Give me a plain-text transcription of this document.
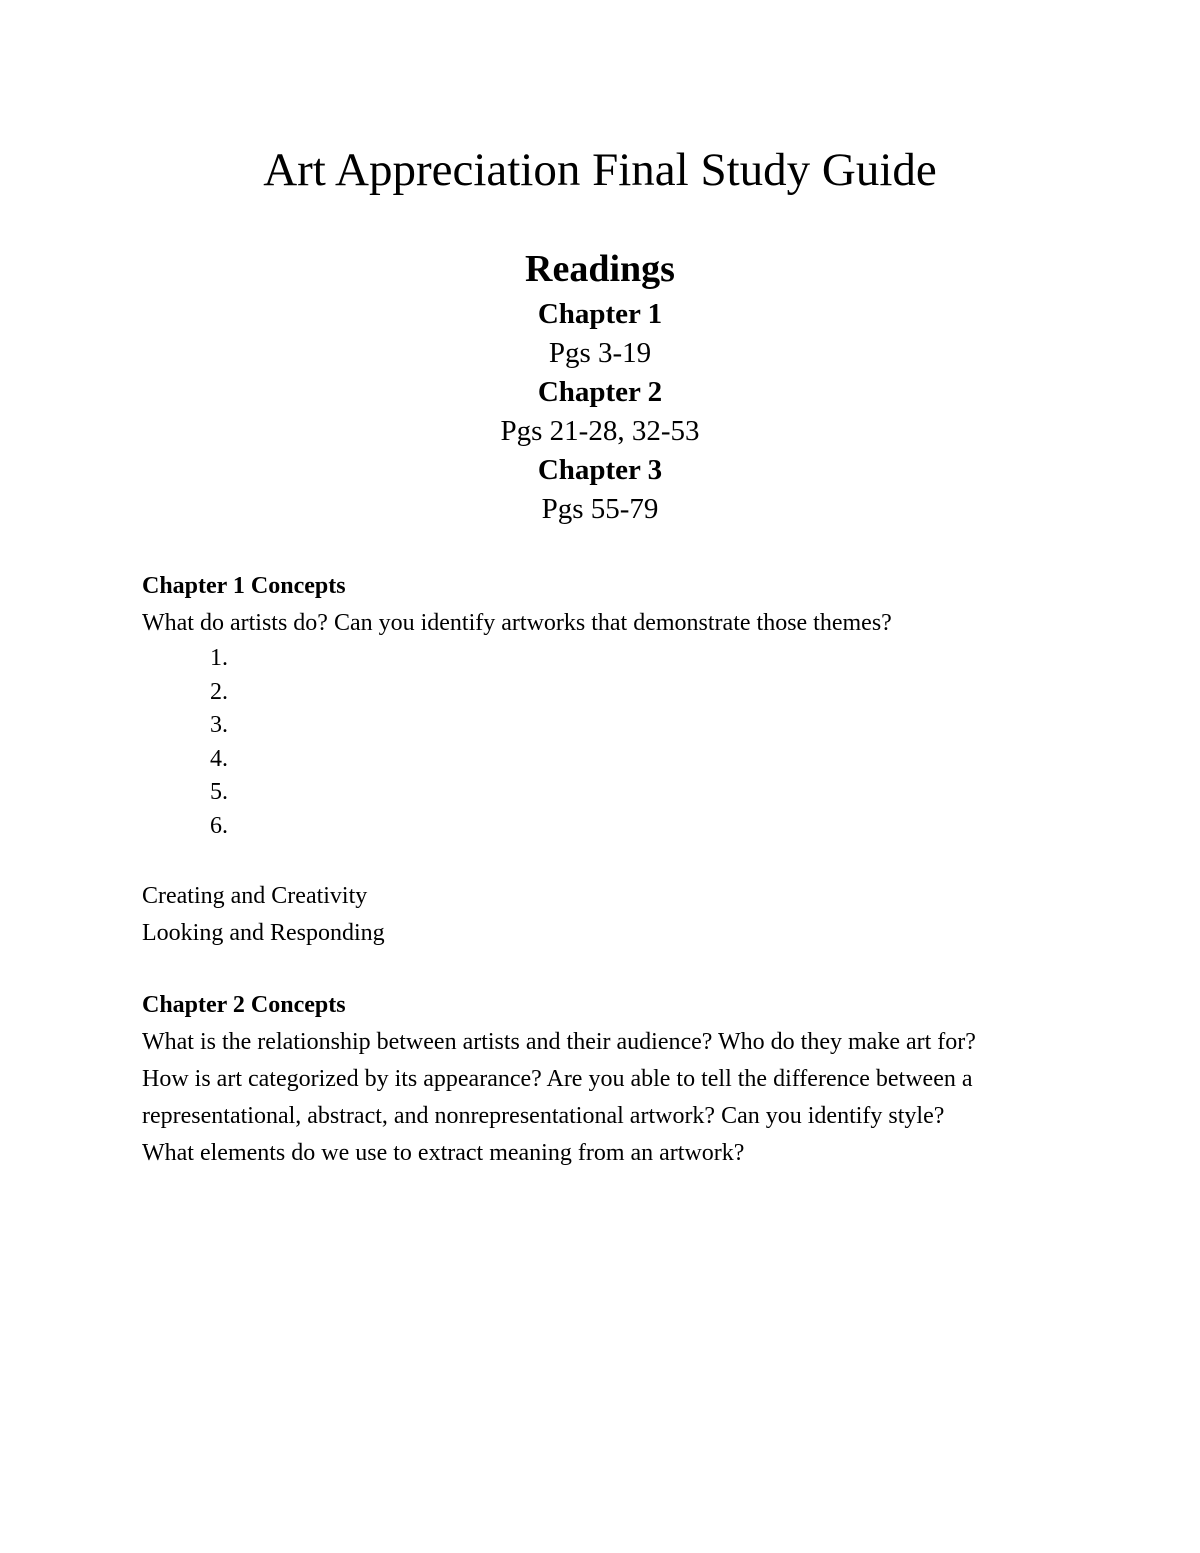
Art Appreciation Final Study Guide
Readings
Chapter 1
Pgs 3-19
Chapter 2
Pgs 21-28, 32-53
Chapter 3
Pgs 55-79
Chapter 1 Concepts
What do artists do? Can you identify artworks that demonstrate those themes?
1.
2.
3.
4.
5.
6.
Creating and Creativity
Looking and Responding
Chapter 2 Concepts
What is the relationship between artists and their audience? Who do they make art for?
How is art categorized by its appearance? Are you able to tell the difference between a representational, abstract, and nonrepresentational artwork? Can you identify style?
What elements do we use to extract meaning from an artwork?
